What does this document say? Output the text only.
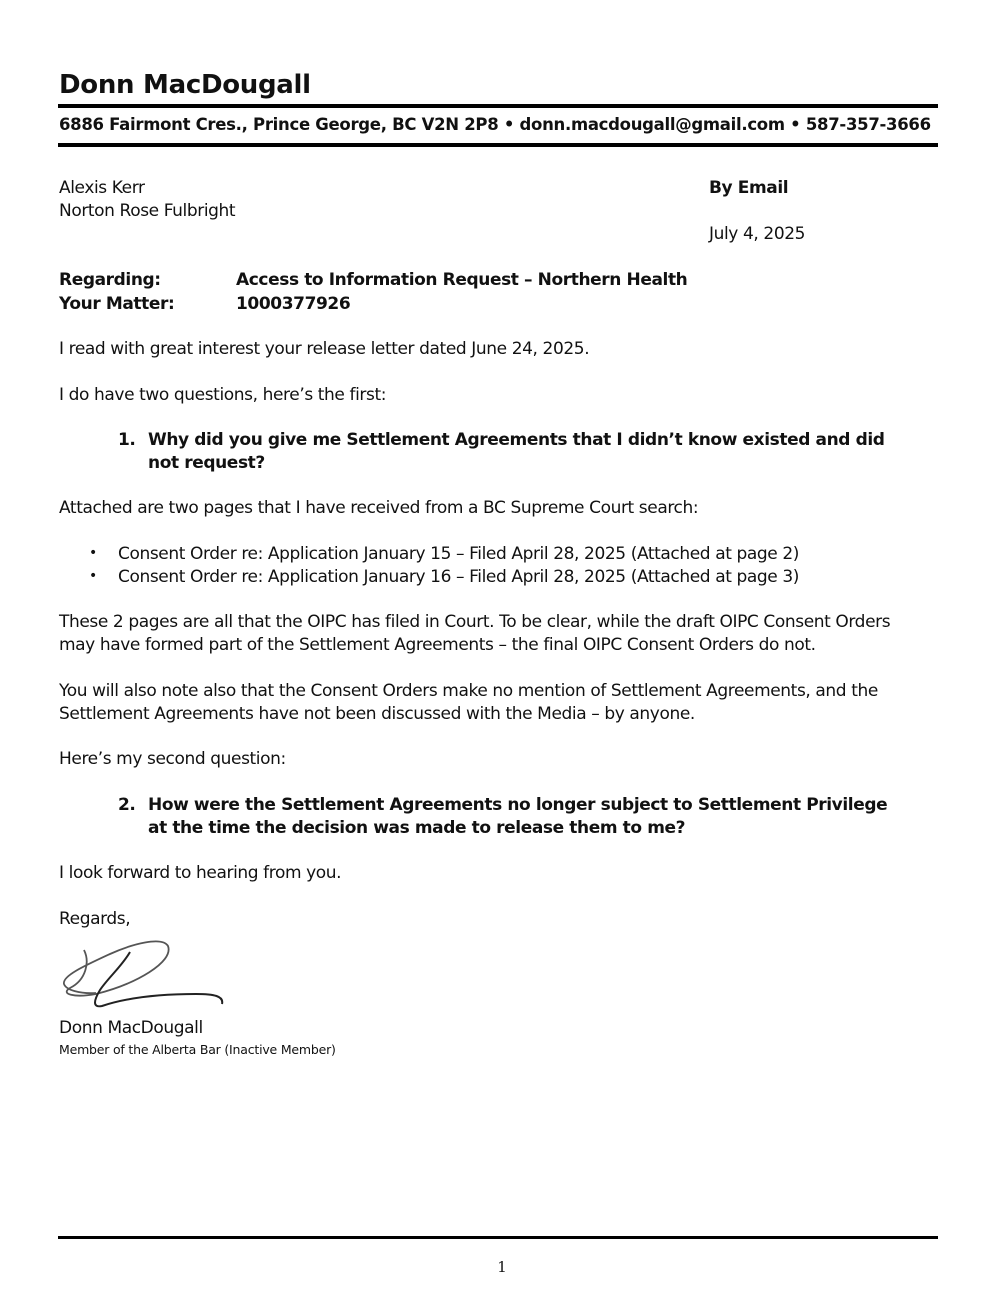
Donn MacDougall
6886 Fairmont Cres., Prince George, BC V2N 2P8 • donn.macdougall@gmail.com • 587-357-3666
Alexis Kerr
Norton Rose Fulbright
By Email
July 4, 2025
Regarding:	Access to Information Request – Northern Health
Your Matter:	1000377926
I read with great interest your release letter dated June 24, 2025.
I do have two questions, here’s the first:
1. Why did you give me Settlement Agreements that I didn’t know existed and did
not request?
Attached are two pages that I have received from a BC Supreme Court search:
• Consent Order re: Application January 15 – Filed April 28, 2025 (Attached at page 2)
• Consent Order re: Application January 16 – Filed April 28, 2025 (Attached at page 3)
These 2 pages are all that the OIPC has filed in Court. To be clear, while the draft OIPC Consent Orders
may have formed part of the Settlement Agreements – the final OIPC Consent Orders do not.
You will also note also that the Consent Orders make no mention of Settlement Agreements, and the
Settlement Agreements have not been discussed with the Media – by anyone.
Here’s my second question:
2. How were the Settlement Agreements no longer subject to Settlement Privilege
at the time the decision was made to release them to me?
I look forward to hearing from you.
Regards,
Donn MacDougall
Member of the Alberta Bar (Inactive Member)
1
